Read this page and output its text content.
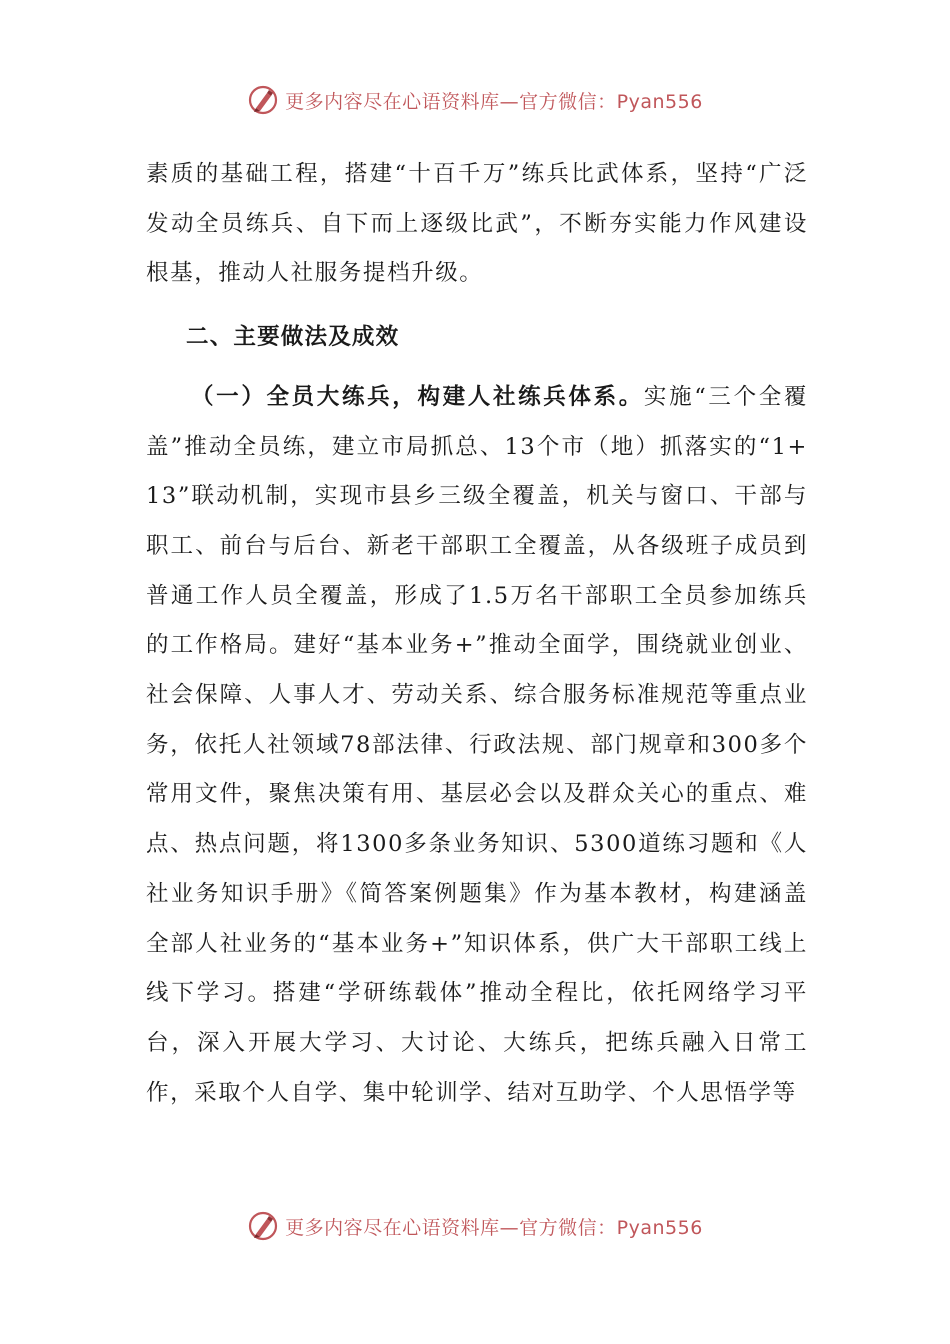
更多内容尽在心语资料库—官方微信：Pyan556

素质的基础工程，搭建“十百千万”练兵比武体系，坚持“广泛发动全员练兵、自下而上逐级比武”，不断夯实能力作风建设根基，推动人社服务提档升级。

二、主要做法及成效

（一）全员大练兵，构建人社练兵体系。实施“三个全覆盖”推动全员练，建立市局抓总、13个市（地）抓落实的“1+13”联动机制，实现市县乡三级全覆盖，机关与窗口、干部与职工、前台与后台、新老干部职工全覆盖，从各级班子成员到普通工作人员全覆盖，形成了1.5万名干部职工全员参加练兵的工作格局。建好“基本业务+”推动全面学，围绕就业创业、社会保障、人事人才、劳动关系、综合服务标准规范等重点业务，依托人社领域78部法律、行政法规、部门规章和300多个常用文件，聚焦决策有用、基层必会以及群众关心的重点、难点、热点问题，将1300多条业务知识、5300道练习题和《人社业务知识手册》《简答案例题集》作为基本教材，构建涵盖全部人社业务的“基本业务+”知识体系，供广大干部职工线上线下学习。搭建“学研练载体”推动全程比，依托网络学习平台，深入开展大学习、大讨论、大练兵，把练兵融入日常工作，采取个人自学、集中轮训学、结对互助学、个人思悟学等

更多内容尽在心语资料库—官方微信：Pyan556
